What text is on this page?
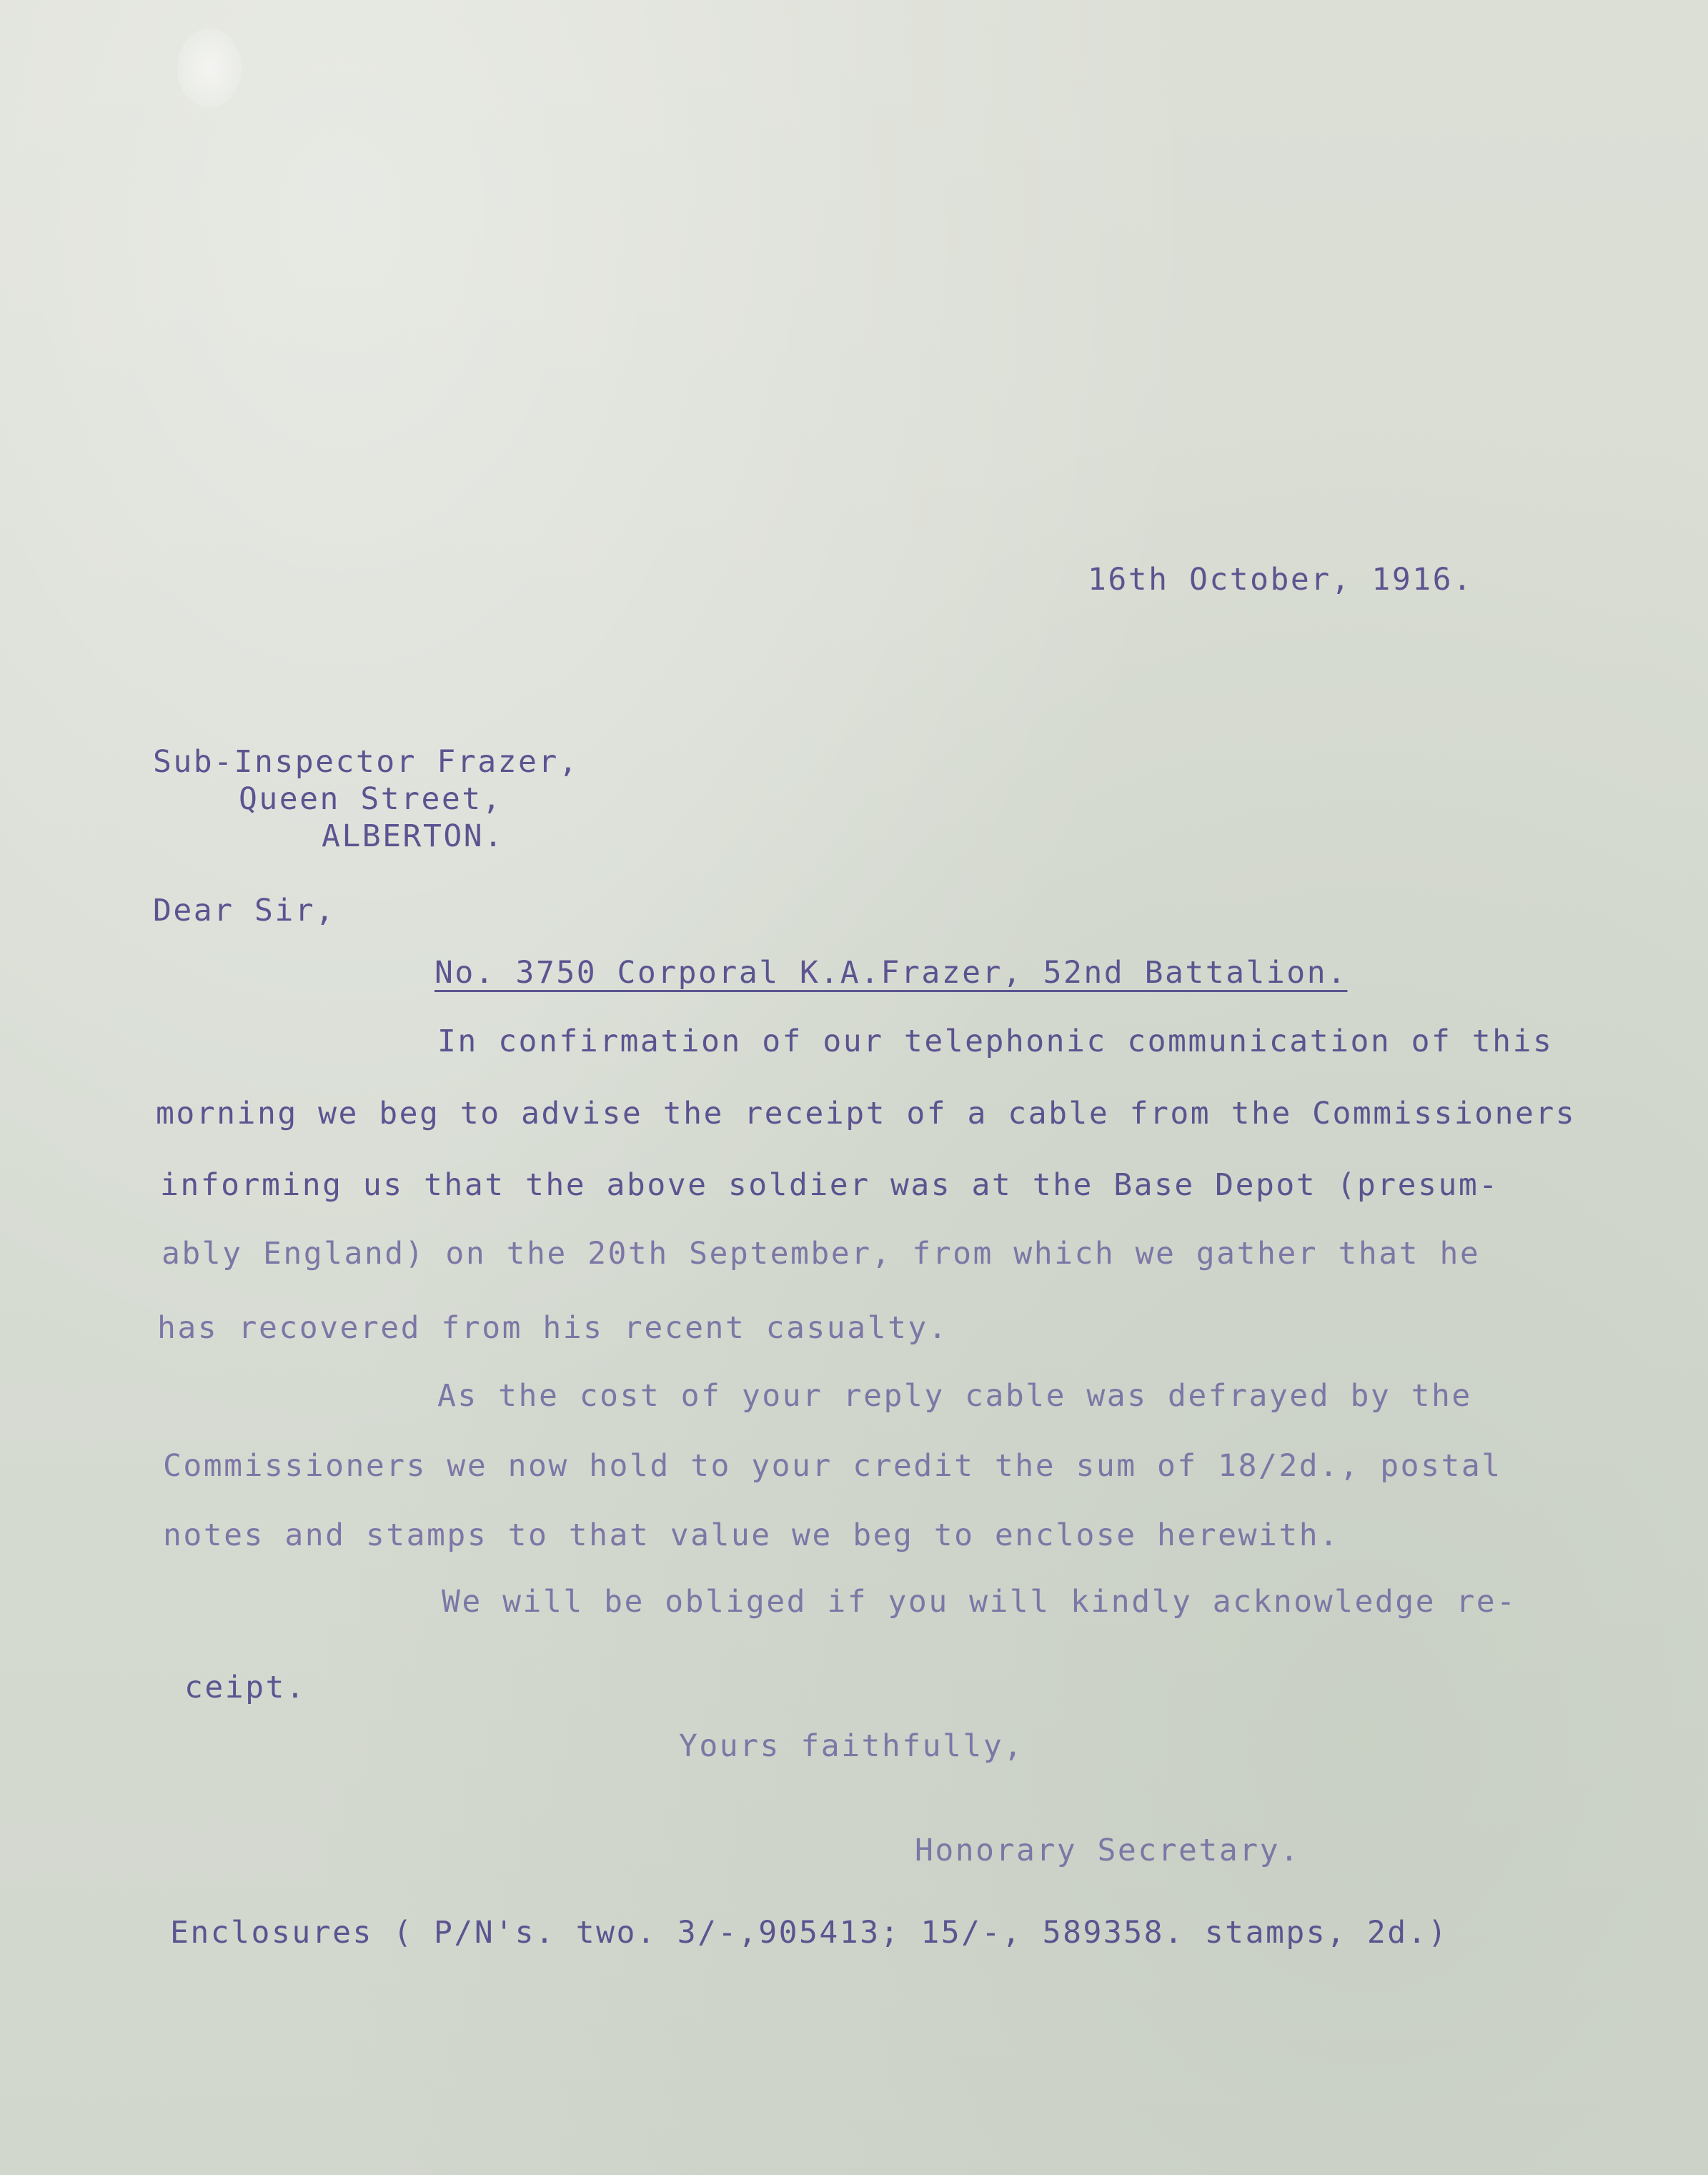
16th October, 1916.
Sub-Inspector Frazer,
Queen Street,
ALBERTON.
Dear Sir,
No. 3750 Corporal K.A.Frazer, 52nd Battalion.
In confirmation of our telephonic communication of this
morning we beg to advise the receipt of a cable from the Commissioners
informing us that the above soldier was at the Base Depot (presum-
ably England) on the 20th September, from which we gather that he
has recovered from his recent casualty.
As the cost of your reply cable was defrayed by the
Commissioners we now hold to your credit the sum of 18/2d., postal
notes and stamps to that value we beg to enclose herewith.
We will be obliged if you will kindly acknowledge re-
ceipt.
Yours faithfully,
Honorary Secretary.
Enclosures ( P/N's. two. 3/-,905413; 15/-, 589358. stamps, 2d.)
